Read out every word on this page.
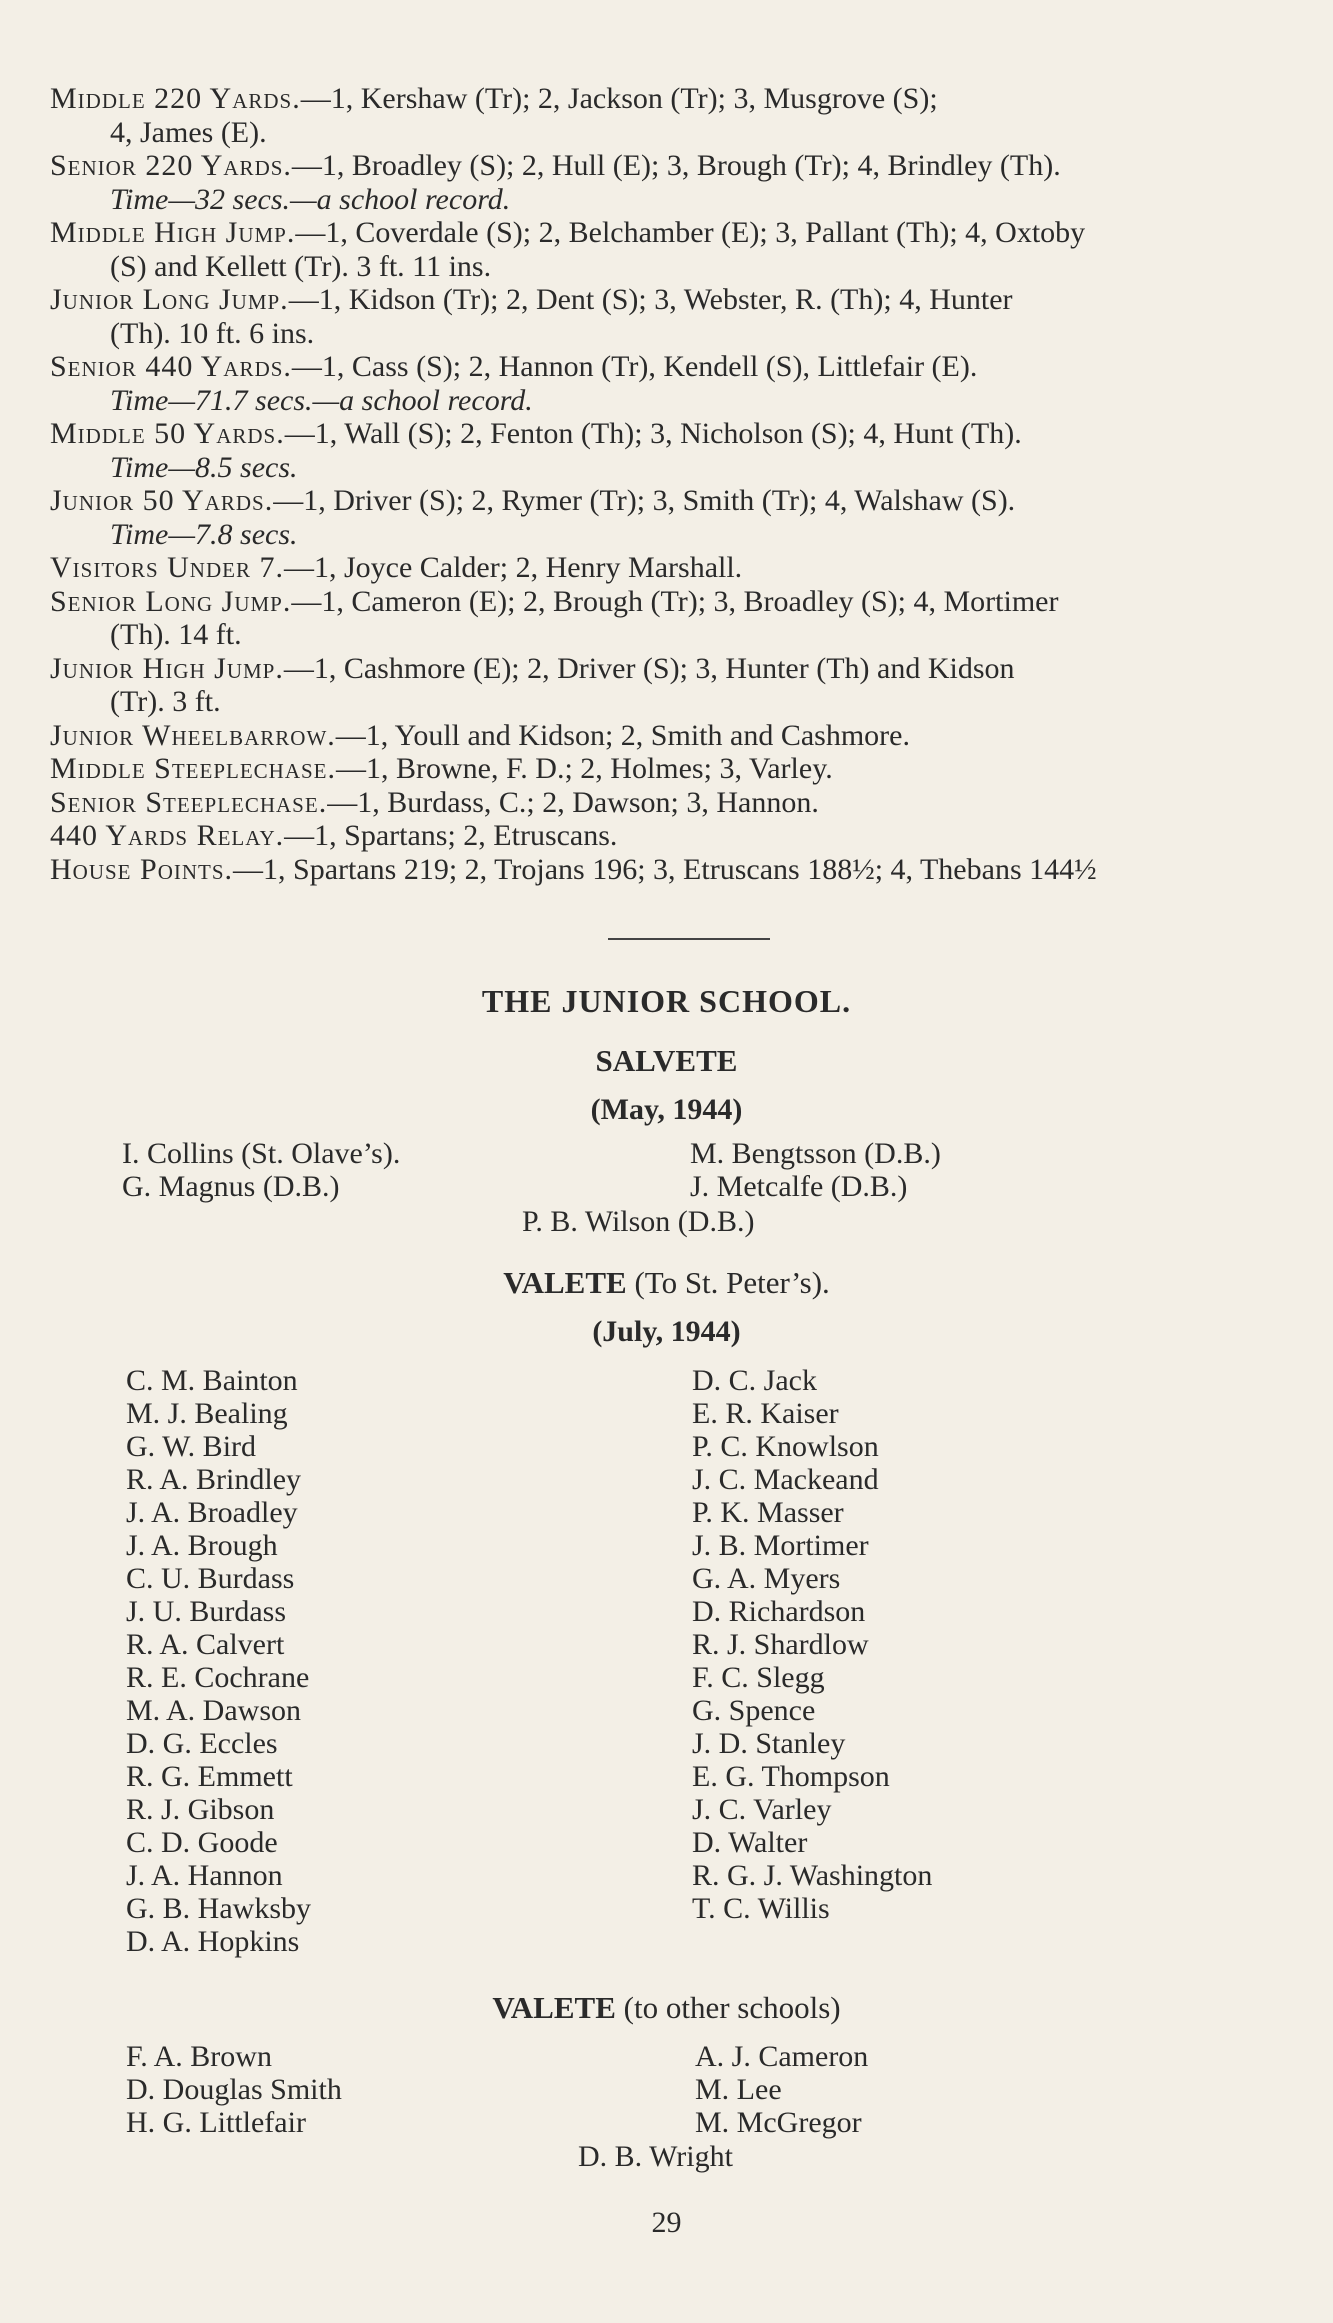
Middle 220 Yards.—1, Kershaw (Tr); 2, Jackson (Tr); 3, Musgrove (S);
4, James (E).

Senior 220 Yards.—1, Broadley (S); 2, Hull (E); 3, Brough (Tr); 4, Brindley (Th).
Time—32 secs.—a school record.

Middle High Jump.—1, Coverdale (S); 2, Belchamber (E); 3, Pallant (Th); 4, Oxtoby
(S) and Kellett (Tr). 3 ft. 11 ins.

Junior Long Jump.—1, Kidson (Tr); 2, Dent (S); 3, Webster, R. (Th); 4, Hunter
(Th). 10 ft. 6 ins.

Senior 440 Yards.—1, Cass (S); 2, Hannon (Tr), Kendell (S), Littlefair (E).
Time—71.7 secs.—a school record.

Middle 50 Yards.—1, Wall (S); 2, Fenton (Th); 3, Nicholson (S); 4, Hunt (Th).
Time—8.5 secs.

Junior 50 Yards.—1, Driver (S); 2, Rymer (Tr); 3, Smith (Tr); 4, Walshaw (S).
Time—7.8 secs.

Visitors Under 7.—1, Joyce Calder; 2, Henry Marshall.

Senior Long Jump.—1, Cameron (E); 2, Brough (Tr); 3, Broadley (S); 4, Mortimer
(Th). 14 ft.

Junior High Jump.—1, Cashmore (E); 2, Driver (S); 3, Hunter (Th) and Kidson
(Tr). 3 ft.

Junior Wheelbarrow.—1, Youll and Kidson; 2, Smith and Cashmore.

Middle Steeplechase.—1, Browne, F. D.; 2, Holmes; 3, Varley.

Senior Steeplechase.—1, Burdass, C.; 2, Dawson; 3, Hannon.

440 Yards Relay.—1, Spartans; 2, Etruscans.

House Points.—1, Spartans 219; 2, Trojans 196; 3, Etruscans 188½; 4, Thebans 144½

THE JUNIOR SCHOOL.
SALVETE
(May, 1944)
I. Collins (St. Olave’s).
G. Magnus (D.B.)
M. Bengtsson (D.B.)
J. Metcalfe (D.B.)
P. B. Wilson (D.B.)
VALETE (To St. Peter’s).
(July, 1944)
C. M. Bainton
M. J. Bealing
G. W. Bird
R. A. Brindley
J. A. Broadley
J. A. Brough
C. U. Burdass
J. U. Burdass
R. A. Calvert
R. E. Cochrane
M. A. Dawson
D. G. Eccles
R. G. Emmett
R. J. Gibson
C. D. Goode
J. A. Hannon
G. B. Hawksby
D. A. Hopkins
D. C. Jack
E. R. Kaiser
P. C. Knowlson
J. C. Mackeand
P. K. Masser
J. B. Mortimer
G. A. Myers
D. Richardson
R. J. Shardlow
F. C. Slegg
G. Spence
J. D. Stanley
E. G. Thompson
J. C. Varley
D. Walter
R. G. J. Washington
T. C. Willis
VALETE (to other schools)
F. A. Brown
D. Douglas Smith
H. G. Littlefair
A. J. Cameron
M. Lee
M. McGregor
D. B. Wright
29
